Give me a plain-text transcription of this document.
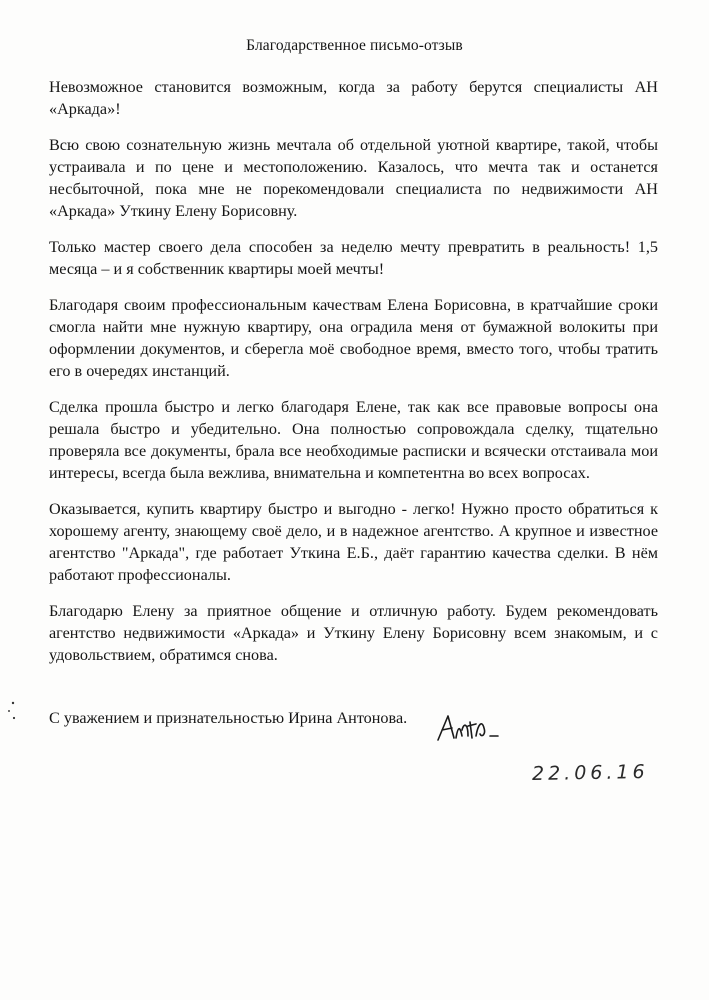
Благодарственное письмо-отзыв

Невозможное становится возможным, когда за работу берутся специалисты АН «Аркада»!

Всю свою сознательную жизнь мечтала об отдельной уютной квартире, такой, чтобы устраивала и по цене и местоположению. Казалось, что мечта так и останется несбыточной, пока мне не порекомендовали специалиста по недвижимости АН «Аркада» Уткину Елену Борисовну.

Только мастер своего дела способен за неделю мечту превратить в реальность! 1,5 месяца – и я собственник квартиры моей мечты!

Благодаря своим профессиональным качествам Елена Борисовна, в кратчайшие сроки смогла найти мне нужную квартиру, она оградила меня от бумажной волокиты при оформлении документов, и сберегла моё свободное время, вместо того, чтобы тратить его в очередях инстанций.

Сделка прошла быстро и легко благодаря Елене, так как все правовые вопросы она решала быстро и убедительно. Она полностью сопровождала сделку, тщательно проверяла все документы, брала все необходимые расписки и всячески отстаивала мои интересы, всегда была вежлива, внимательна и компетентна во всех вопросах.

Оказывается, купить квартиру быстро и выгодно - легко! Нужно просто обратиться к хорошему агенту, знающему своё дело, и в надежное агентство. А крупное и известное агентство "Аркада", где работает Уткина Е.Б., даёт гарантию качества сделки. В нём работают профессионалы.

Благодарю Елену за приятное общение и отличную работу. Будем рекомендовать агентство недвижимости «Аркада» и Уткину Елену Борисовну всем знакомым, и с удовольствием, обратимся снова.

С уважением и признательностью Ирина Антонова.
22.06.16
